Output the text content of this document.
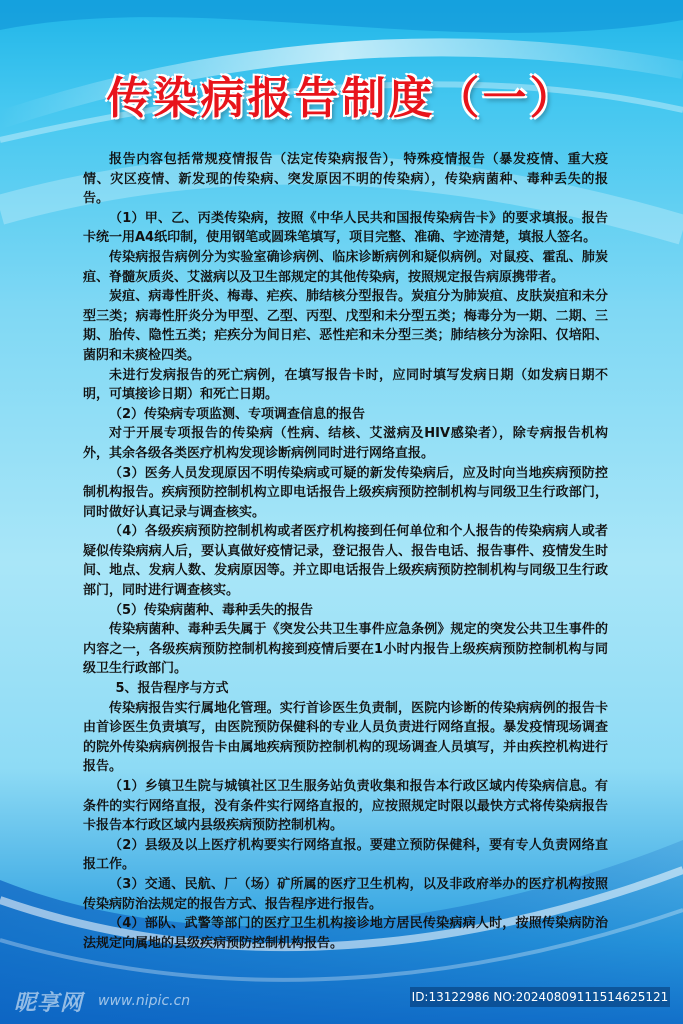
传染病报告制度（一）

报告内容包括常规疫情报告（法定传染病报告），特殊疫情报告（暴发疫情、重大疫情、灾区疫情、新发现的传染病、突发原因不明的传染病），传染病菌种、毒种丢失的报告。

（1）甲、乙、丙类传染病，按照《中华人民共和国报传染病告卡》的要求填报。报告卡统一用A4纸印制，使用钢笔或圆珠笔填写，项目完整、准确、字迹清楚，填报人签名。

传染病报告病例分为实验室确诊病例、临床诊断病例和疑似病例。对鼠疫、霍乱、肺炭疽、脊髓灰质炎、艾滋病以及卫生部规定的其他传染病，按照规定报告病原携带者。

炭疽、病毒性肝炎、梅毒、疟疾、肺结核分型报告。炭疽分为肺炭疽、皮肤炭疽和未分型三类；病毒性肝炎分为甲型、乙型、丙型、戊型和未分型五类；梅毒分为一期、二期、三期、胎传、隐性五类；疟疾分为间日疟、恶性疟和未分型三类；肺结核分为涂阳、仅培阳、菌阴和未痰检四类。

未进行发病报告的死亡病例，在填写报告卡时，应同时填写发病日期（如发病日期不明，可填接诊日期）和死亡日期。

（2）传染病专项监测、专项调查信息的报告

对于开展专项报告的传染病（性病、结核、艾滋病及HIV感染者），除专病报告机构外，其余各级各类医疗机构发现诊断病例同时进行网络直报。

（3）医务人员发现原因不明传染病或可疑的新发传染病后，应及时向当地疾病预防控制机构报告。疾病预防控制机构立即电话报告上级疾病预防控制机构与同级卫生行政部门，同时做好认真记录与调查核实。

（4）各级疾病预防控制机构或者医疗机构接到任何单位和个人报告的传染病病人或者疑似传染病病人后，要认真做好疫情记录，登记报告人、报告电话、报告事件、疫情发生时间、地点、发病人数、发病原因等。并立即电话报告上级疾病预防控制机构与同级卫生行政部门，同时进行调查核实。

（5）传染病菌种、毒种丢失的报告

传染病菌种、毒种丢失属于《突发公共卫生事件应急条例》规定的突发公共卫生事件的内容之一，各级疾病预防控制机构接到疫情后要在1小时内报告上级疾病预防控制机构与同级卫生行政部门。

5、报告程序与方式

传染病报告实行属地化管理。实行首诊医生负责制，医院内诊断的传染病病例的报告卡由首诊医生负责填写，由医院预防保健科的专业人员负责进行网络直报。暴发疫情现场调查的院外传染病病例报告卡由属地疾病预防控制机构的现场调查人员填写，并由疾控机构进行报告。

（1）乡镇卫生院与城镇社区卫生服务站负责收集和报告本行政区域内传染病信息。有条件的实行网络直报，没有条件实行网络直报的，应按照规定时限以最快方式将传染病报告卡报告本行政区域内县级疾病预防控制机构。

（2）县级及以上医疗机构要实行网络直报。要建立预防保健科，要有专人负责网络直报工作。

（3）交通、民航、厂（场）矿所属的医疗卫生机构，以及非政府举办的医疗机构按照传染病防治法规定的报告方式、报告程序进行报告。

（4）部队、武警等部门的医疗卫生机构接诊地方居民传染病病人时，按照传染病防治法规定向属地的县级疾病预防控制机构报告。

昵享网 www.nipic.cn	ID:13122986 NO:20240809111514625121
